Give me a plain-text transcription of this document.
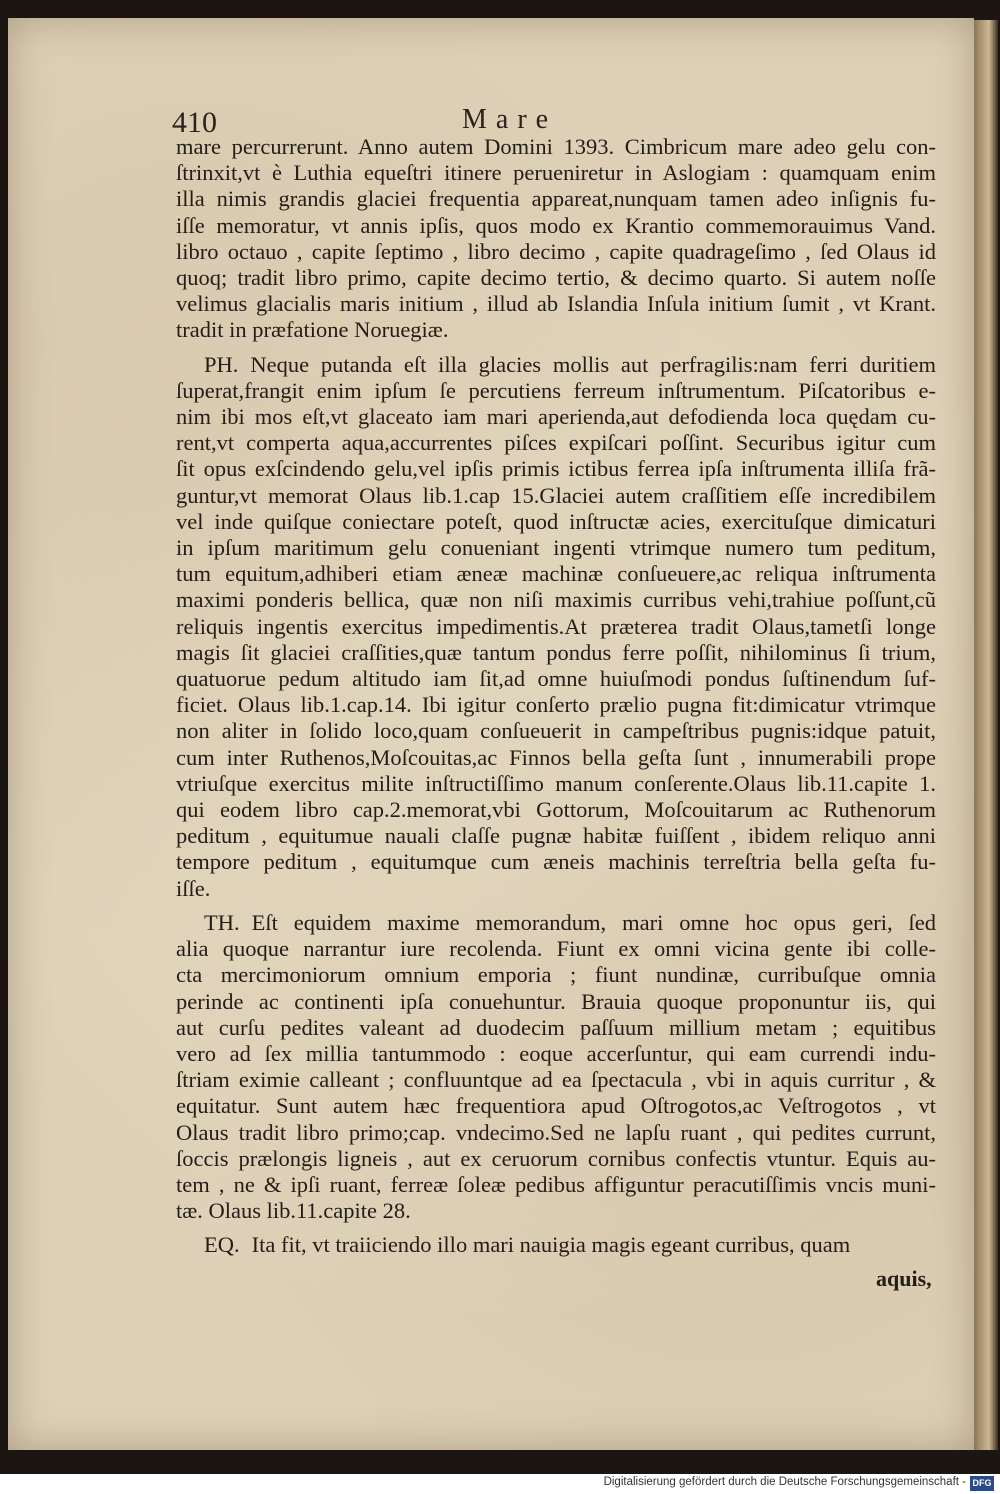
410	Mare
mare percurrerunt. Anno autem Domini 1393. Cimbricum mare adeo gelu con-
ſtrinxit,vt è Luthia equeſtri itinere perueniretur in Aslogiam : quamquam enim
illa nimis grandis glaciei frequentia appareat,nunquam tamen adeo inſignis fu-
iſſe memoratur, vt annis ipſis, quos modo ex Krantio commemorauimus Vand.
libro octauo , capite ſeptimo , libro decimo , capite quadrageſimo , ſed Olaus id
quoq; tradit libro primo, capite decimo tertio, & decimo quarto. Si autem noſſe
velimus glacialis maris initium , illud ab Islandia Inſula initium ſumit , vt Krant.
tradit in præfatione Noruegiæ.
PH. Neque putanda eſt illa glacies mollis aut perfragilis:nam ferri duritiem
ſuperat,frangit enim ipſum ſe percutiens ferreum inſtrumentum. Piſcatoribus e-
nim ibi mos eſt,vt glaceato iam mari aperienda,aut defodienda loca quędam cu-
rent,vt comperta aqua,accurrentes piſces expiſcari poſſint. Securibus igitur cum
ſit opus exſcindendo gelu,vel ipſis primis ictibus ferrea ipſa inſtrumenta illiſa frã-
guntur,vt memorat Olaus lib.1.cap 15.Glaciei autem craſſitiem eſſe incredibilem
vel inde quiſque coniectare poteſt, quod inſtructæ acies, exercituſque dimicaturi
in ipſum maritimum gelu conueniant ingenti vtrimque numero tum peditum,
tum equitum,adhiberi etiam æneæ machinæ conſueuere,ac reliqua inſtrumenta
maximi ponderis bellica, quæ non niſi maximis curribus vehi,trahiue poſſunt,cũ
reliquis ingentis exercitus impedimentis.At præterea tradit Olaus,tametſi longe
magis ſit glaciei craſſities,quæ tantum pondus ferre poſſit, nihilominus ſi trium,
quatuorue pedum altitudo iam ſit,ad omne huiuſmodi pondus ſuſtinendum ſuf-
ficiet. Olaus lib.1.cap.14. Ibi igitur conſerto prælio pugna fit:dimicatur vtrimque
non aliter in ſolido loco,quam conſueuerit in campeſtribus pugnis:idque patuit,
cum inter Ruthenos,Moſcouitas,ac Finnos bella geſta ſunt , innumerabili prope
vtriuſque exercitus milite inſtructiſſimo manum conſerente.Olaus lib.11.capite 1.
qui eodem libro cap.2.memorat,vbi Gottorum, Moſcouitarum ac Ruthenorum
peditum , equitumue nauali claſſe pugnæ habitæ fuiſſent , ibidem reliquo anni
tempore peditum , equitumque cum æneis machinis terreſtria bella geſta fu-
iſſe.
TH. Eſt equidem maxime memorandum, mari omne hoc opus geri, ſed
alia quoque narrantur iure recolenda. Fiunt ex omni vicina gente ibi colle-
cta mercimoniorum omnium emporia ; fiunt nundinæ, curribuſque omnia
perinde ac continenti ipſa conuehuntur. Brauia quoque proponuntur iis, qui
aut curſu pedites valeant ad duodecim paſſuum millium metam ; equitibus
vero ad ſex millia tantummodo : eoque accerſuntur, qui eam currendi indu-
ſtriam eximie calleant ; confluuntque ad ea ſpectacula , vbi in aquis curritur , &
equitatur. Sunt autem hæc frequentiora apud Oſtrogotos,ac Veſtrogotos , vt
Olaus tradit libro primo;cap. vndecimo.Sed ne lapſu ruant , qui pedites currunt,
ſoccis prælongis ligneis , aut ex ceruorum cornibus confectis vtuntur. Equis au-
tem , ne & ipſi ruant, ferreæ ſoleæ pedibus affiguntur peracutiſſimis vncis muni-
tæ. Olaus lib.11.capite 28.
EQ. Ita fit, vt traiiciendo illo mari nauigia magis egeant curribus, quam
aquis,
Digitalisierung gefördert durch die Deutsche Forschungsgemeinschaft - DFG
